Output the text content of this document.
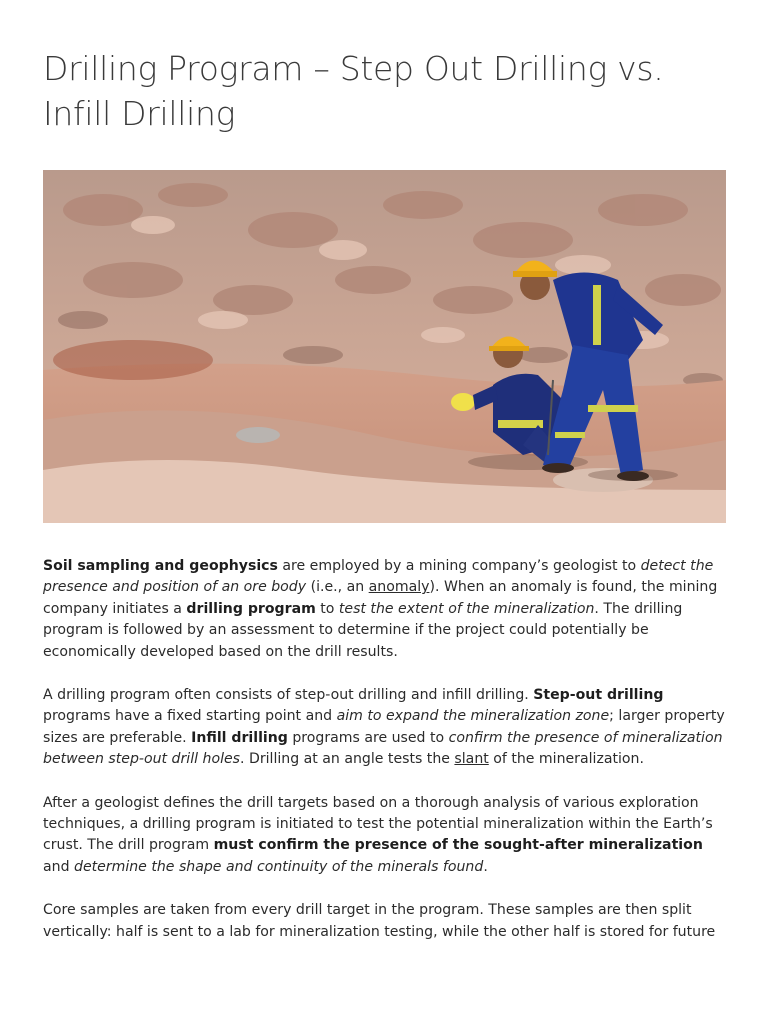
Drilling Program – Step Out Drilling vs. Infill Drilling

Soil sampling and geophysics are employed by a mining company’s geologist to detect the presence and position of an ore body (i.e., an anomaly). When an anomaly is found, the mining company initiates a drilling program to test the extent of the mineralization. The drilling program is followed by an assessment to determine if the project could potentially be economically developed based on the drill results.

A drilling program often consists of step-out drilling and infill drilling. Step-out drilling programs have a fixed starting point and aim to expand the mineralization zone; larger property sizes are preferable. Infill drilling programs are used to confirm the presence of mineralization between step-out drill holes. Drilling at an angle tests the slant of the mineralization.

After a geologist defines the drill targets based on a thorough analysis of various exploration techniques, a drilling program is initiated to test the potential mineralization within the Earth’s crust. The drill program must confirm the presence of the sought-after mineralization and determine the shape and continuity of the minerals found.

Core samples are taken from every drill target in the program. These samples are then split vertically: half is sent to a lab for mineralization testing, while the other half is stored for future
